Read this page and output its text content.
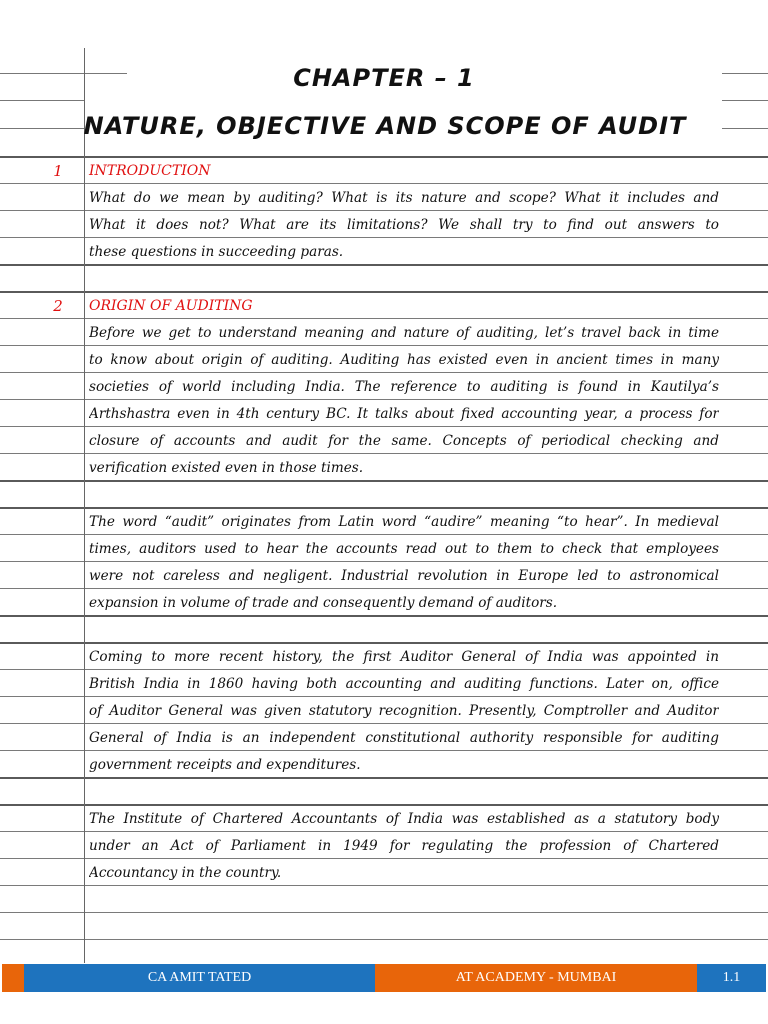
CHAPTER – 1
NATURE, OBJECTIVE AND SCOPE OF AUDIT
1	INTRODUCTION
What do we mean by auditing? What is its nature and scope? What it includes and
What it does not? What are its limitations? We shall try to find out answers to
these questions in succeeding paras.
2	ORIGIN OF AUDITING
Before we get to understand meaning and nature of auditing, let’s travel back in time
to know about origin of auditing. Auditing has existed even in ancient times in many
societies of world including India. The reference to auditing is found in Kautilya’s
Arthshastra even in 4th century BC. It talks about fixed accounting year, a process for
closure of accounts and audit for the same. Concepts of periodical checking and
verification existed even in those times.
The word “audit” originates from Latin word “audire” meaning “to hear”. In medieval
times, auditors used to hear the accounts read out to them to check that employees
were not careless and negligent. Industrial revolution in Europe led to astronomical
expansion in volume of trade and consequently demand of auditors.
Coming to more recent history, the first Auditor General of India was appointed in
British India in 1860 having both accounting and auditing functions. Later on, office
of Auditor General was given statutory recognition. Presently, Comptroller and Auditor
General of India is an independent constitutional authority responsible for auditing
government receipts and expenditures.
The Institute of Chartered Accountants of India was established as a statutory body
under an Act of Parliament in 1949 for regulating the profession of Chartered
Accountancy in the country.
CA AMIT TATED	AT ACADEMY - MUMBAI	1.1
